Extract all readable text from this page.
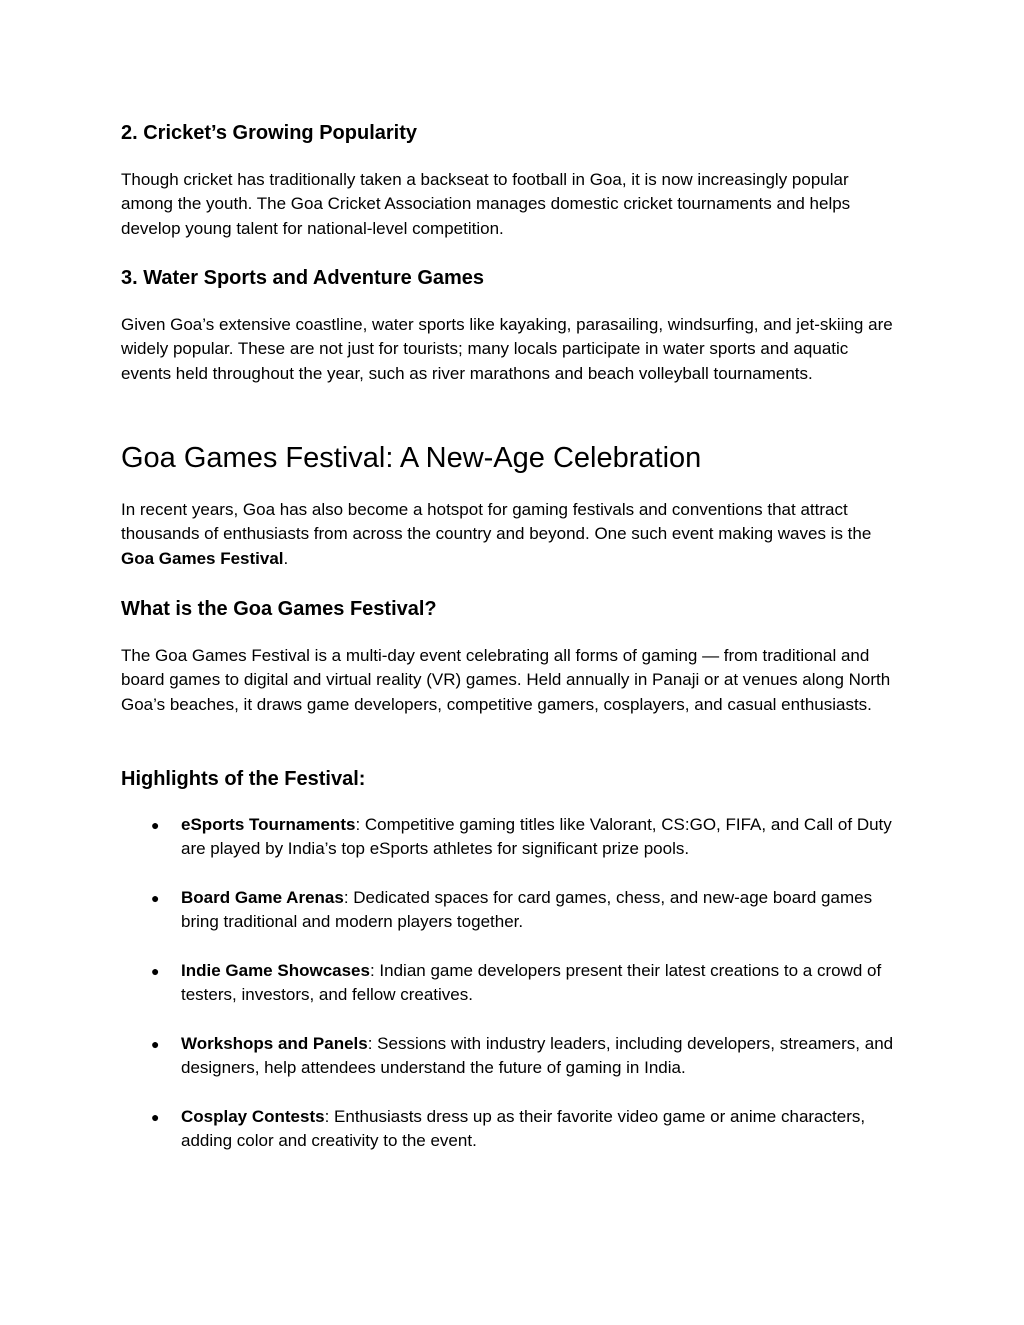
2. Cricket’s Growing Popularity

Though cricket has traditionally taken a backseat to football in Goa, it is now increasingly popular among the youth. The Goa Cricket Association manages domestic cricket tournaments and helps develop young talent for national-level competition.

3. Water Sports and Adventure Games

Given Goa’s extensive coastline, water sports like kayaking, parasailing, windsurfing, and jet-skiing are widely popular. These are not just for tourists; many locals participate in water sports and aquatic events held throughout the year, such as river marathons and beach volleyball tournaments.

Goa Games Festival: A New-Age Celebration

In recent years, Goa has also become a hotspot for gaming festivals and conventions that attract thousands of enthusiasts from across the country and beyond. One such event making waves is the Goa Games Festival.

What is the Goa Games Festival?

The Goa Games Festival is a multi-day event celebrating all forms of gaming — from traditional and board games to digital and virtual reality (VR) games. Held annually in Panaji or at venues along North Goa’s beaches, it draws game developers, competitive gamers, cosplayers, and casual enthusiasts.

Highlights of the Festival:
● eSports Tournaments: Competitive gaming titles like Valorant, CS:GO, FIFA, and Call of Duty are played by India’s top eSports athletes for significant prize pools.
● Board Game Arenas: Dedicated spaces for card games, chess, and new-age board games bring traditional and modern players together.
● Indie Game Showcases: Indian game developers present their latest creations to a crowd of testers, investors, and fellow creatives.
● Workshops and Panels: Sessions with industry leaders, including developers, streamers, and designers, help attendees understand the future of gaming in India.
● Cosplay Contests: Enthusiasts dress up as their favorite video game or anime characters, adding color and creativity to the event.
